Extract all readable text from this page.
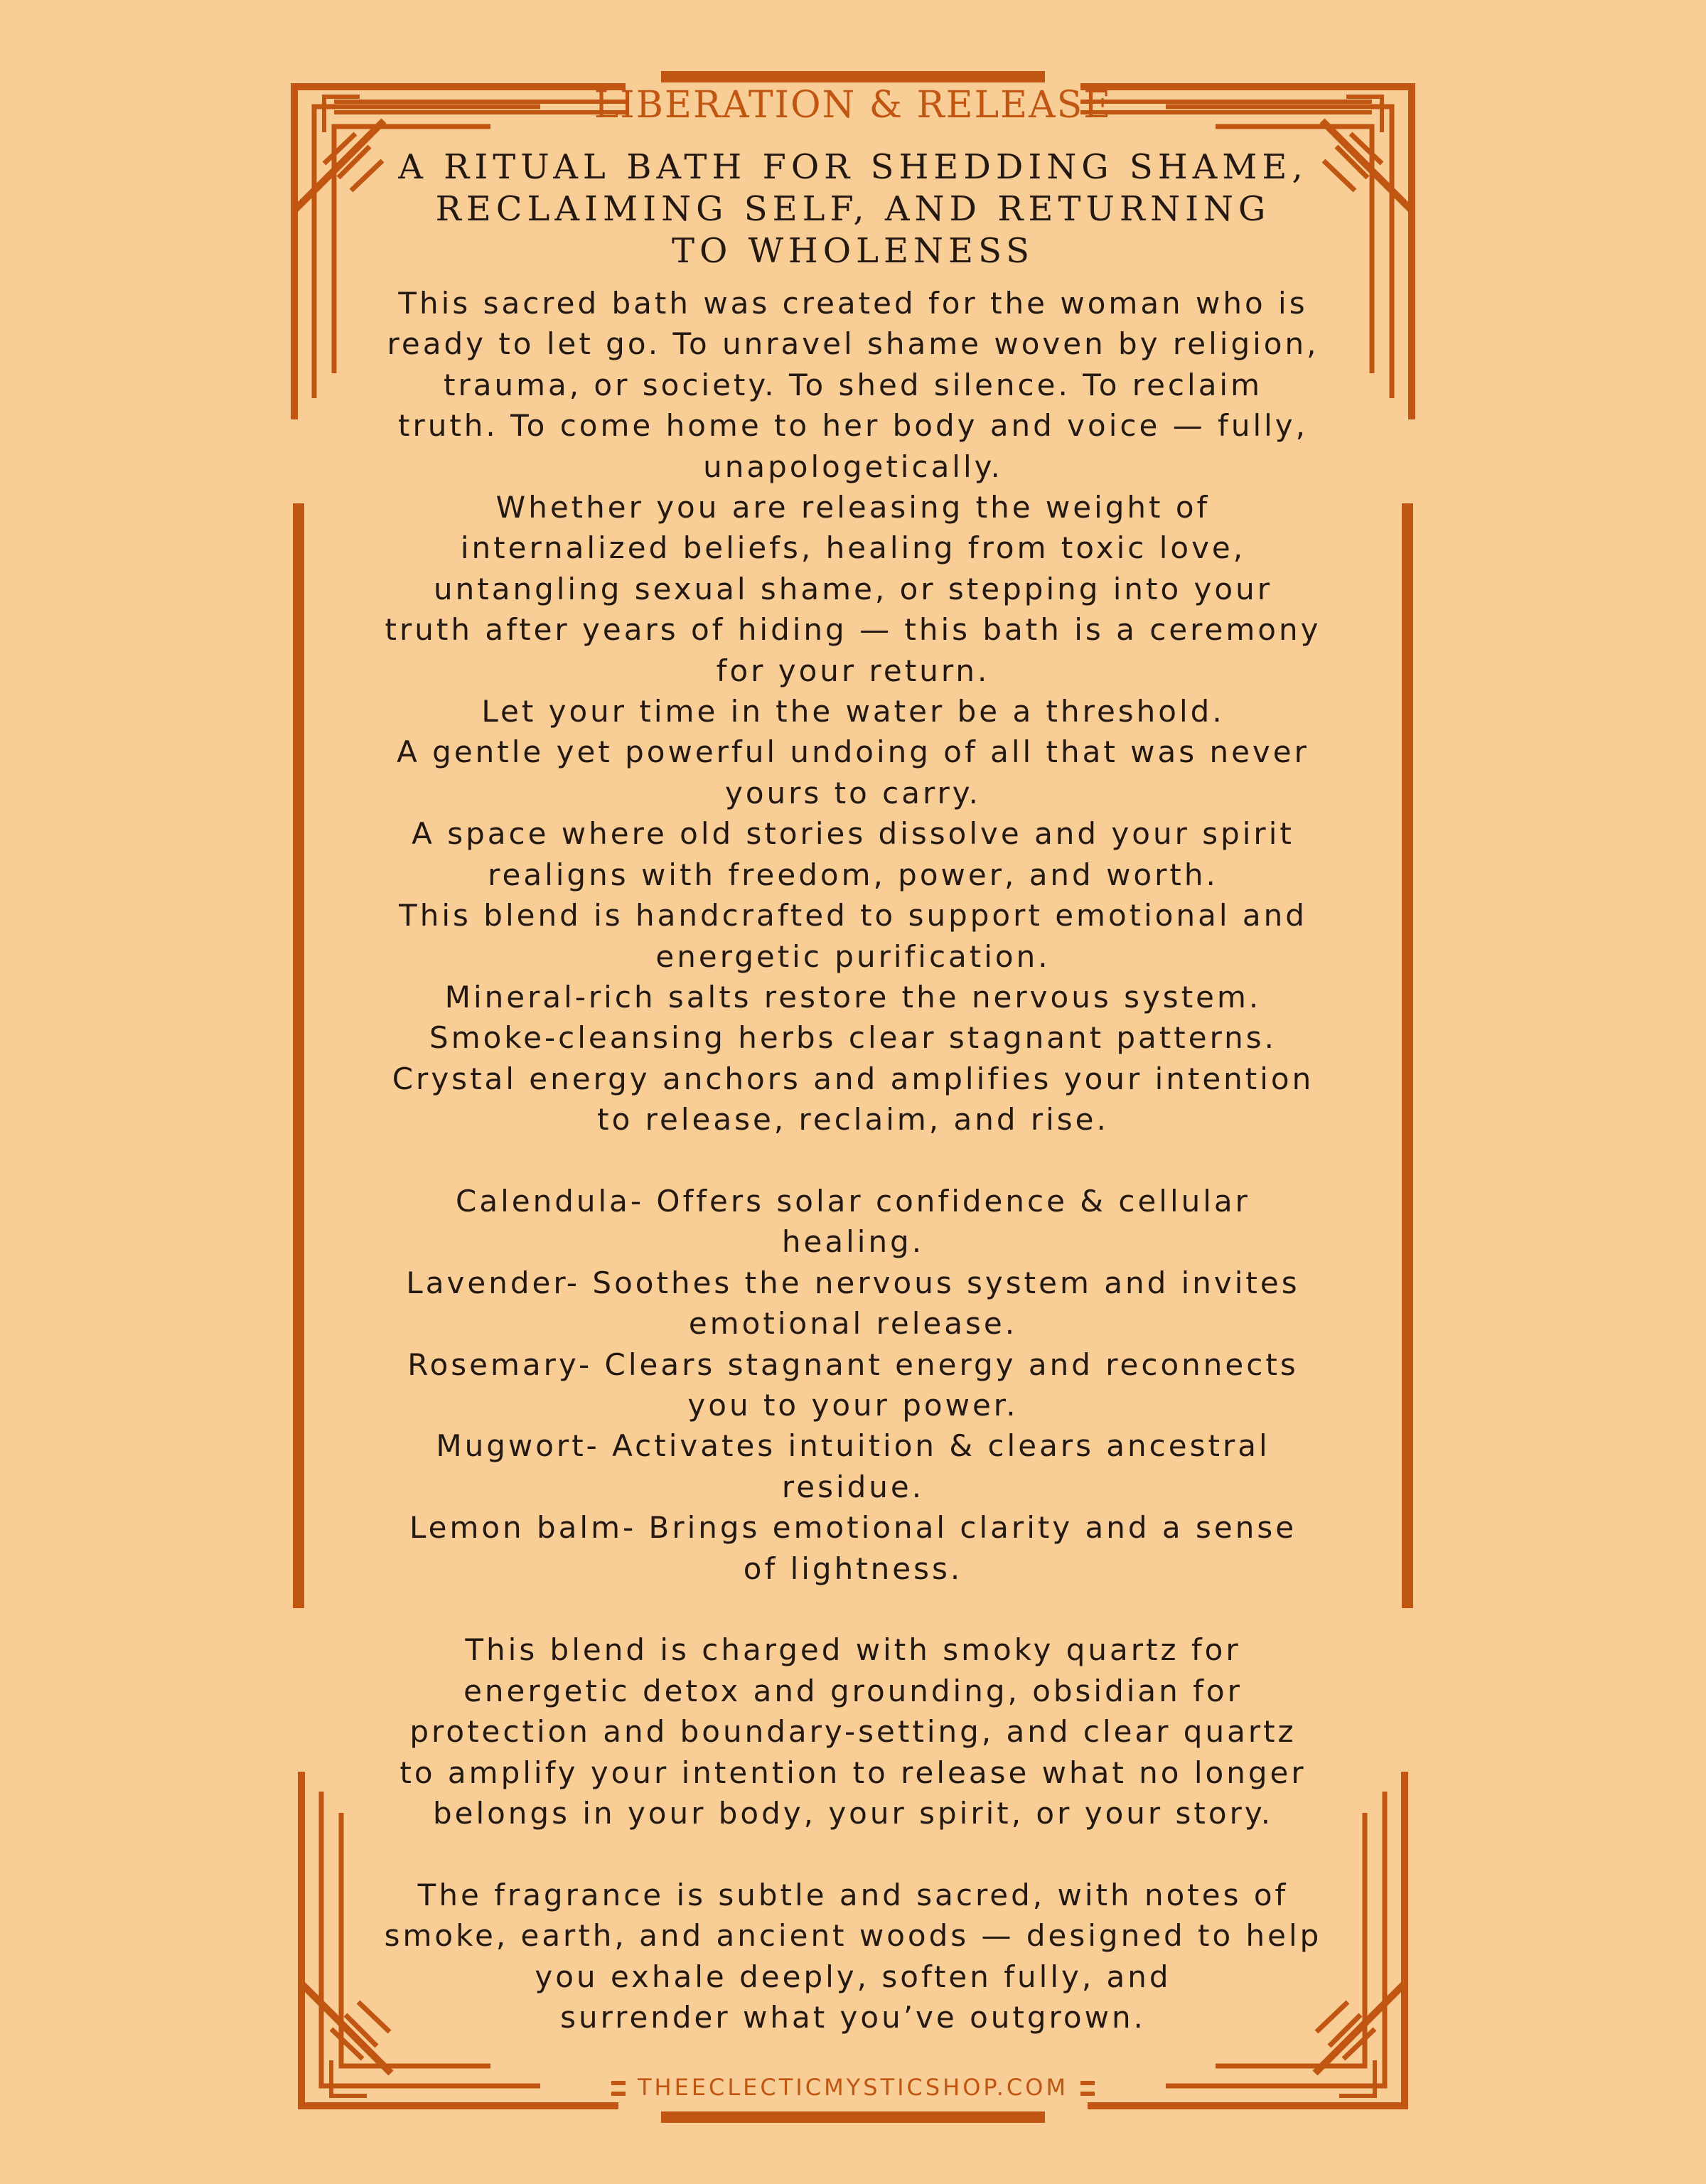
LIBERATION & RELEASE
A RITUAL BATH FOR SHEDDING SHAME,
RECLAIMING SELF, AND RETURNING
TO WHOLENESS
This sacred bath was created for the woman who is
ready to let go. To unravel shame woven by religion,
trauma, or society. To shed silence. To reclaim
truth. To come home to her body and voice — fully,
unapologetically.
Whether you are releasing the weight of
internalized beliefs, healing from toxic love,
untangling sexual shame, or stepping into your
truth after years of hiding — this bath is a ceremony
for your return.
Let your time in the water be a threshold.
A gentle yet powerful undoing of all that was never
yours to carry.
A space where old stories dissolve and your spirit
realigns with freedom, power, and worth.
This blend is handcrafted to support emotional and
energetic purification.
Mineral-rich salts restore the nervous system.
Smoke-cleansing herbs clear stagnant patterns.
Crystal energy anchors and amplifies your intention
to release, reclaim, and rise.
Calendula- Offers solar confidence & cellular
healing.
Lavender- Soothes the nervous system and invites
emotional release.
Rosemary- Clears stagnant energy and reconnects
you to your power.
Mugwort- Activates intuition & clears ancestral
residue.
Lemon balm- Brings emotional clarity and a sense
of lightness.
This blend is charged with smoky quartz for
energetic detox and grounding, obsidian for
protection and boundary-setting, and clear quartz
to amplify your intention to release what no longer
belongs in your body, your spirit, or your story.
The fragrance is subtle and sacred, with notes of
smoke, earth, and ancient woods — designed to help
you exhale deeply, soften fully, and
surrender what you’ve outgrown.
THEECLECTICMYSTICSHOP.COM
